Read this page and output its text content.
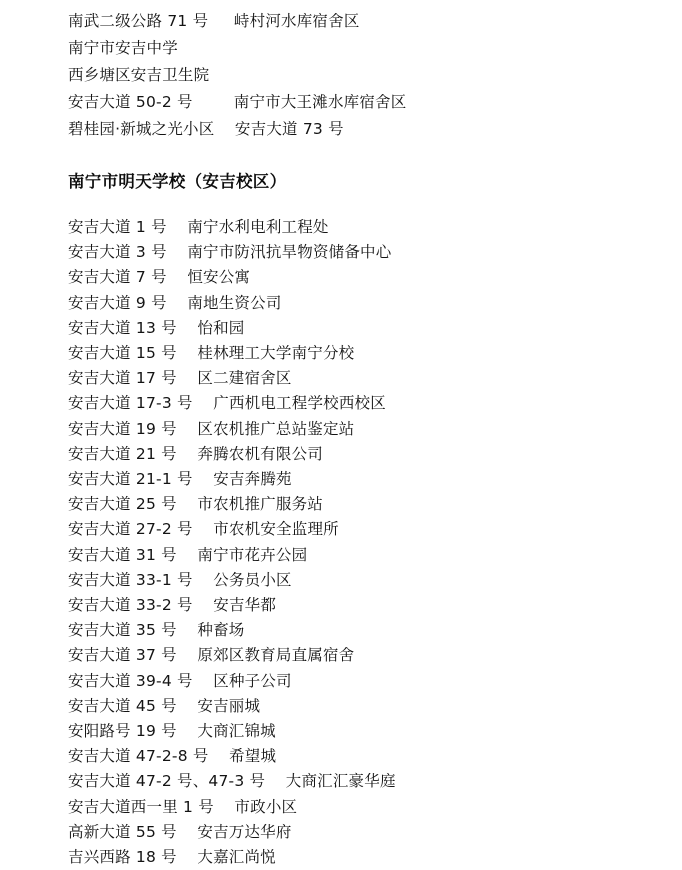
南武二级公路 71 号     峙村河水库宿舍区
南宁市安吉中学
西乡塘区安吉卫生院
安吉大道 50-2 号        南宁市大王滩水库宿舍区
碧桂园·新城之光小区    安吉大道 73 号
南宁市明天学校（安吉校区）
安吉大道 1 号    南宁水利电利工程处
安吉大道 3 号    南宁市防汛抗旱物资储备中心
安吉大道 7 号    恒安公寓
安吉大道 9 号    南地生资公司
安吉大道 13 号    怡和园
安吉大道 15 号    桂林理工大学南宁分校
安吉大道 17 号    区二建宿舍区
安吉大道 17-3 号    广西机电工程学校西校区
安吉大道 19 号    区农机推广总站鉴定站
安吉大道 21 号    奔腾农机有限公司
安吉大道 21-1 号    安吉奔腾苑
安吉大道 25 号    市农机推广服务站
安吉大道 27-2 号    市农机安全监理所
安吉大道 31 号    南宁市花卉公园
安吉大道 33-1 号    公务员小区
安吉大道 33-2 号    安吉华都
安吉大道 35 号    种畜场
安吉大道 37 号    原郊区教育局直属宿舍
安吉大道 39-4 号    区种子公司
安吉大道 45 号    安吉丽城
安阳路号 19 号    大商汇锦城
安吉大道 47-2-8 号    希望城
安吉大道 47-2 号、47-3 号    大商汇汇豪华庭
安吉大道西一里 1 号    市政小区
高新大道 55 号    安吉万达华府
吉兴西路 18 号    大嘉汇尚悦
